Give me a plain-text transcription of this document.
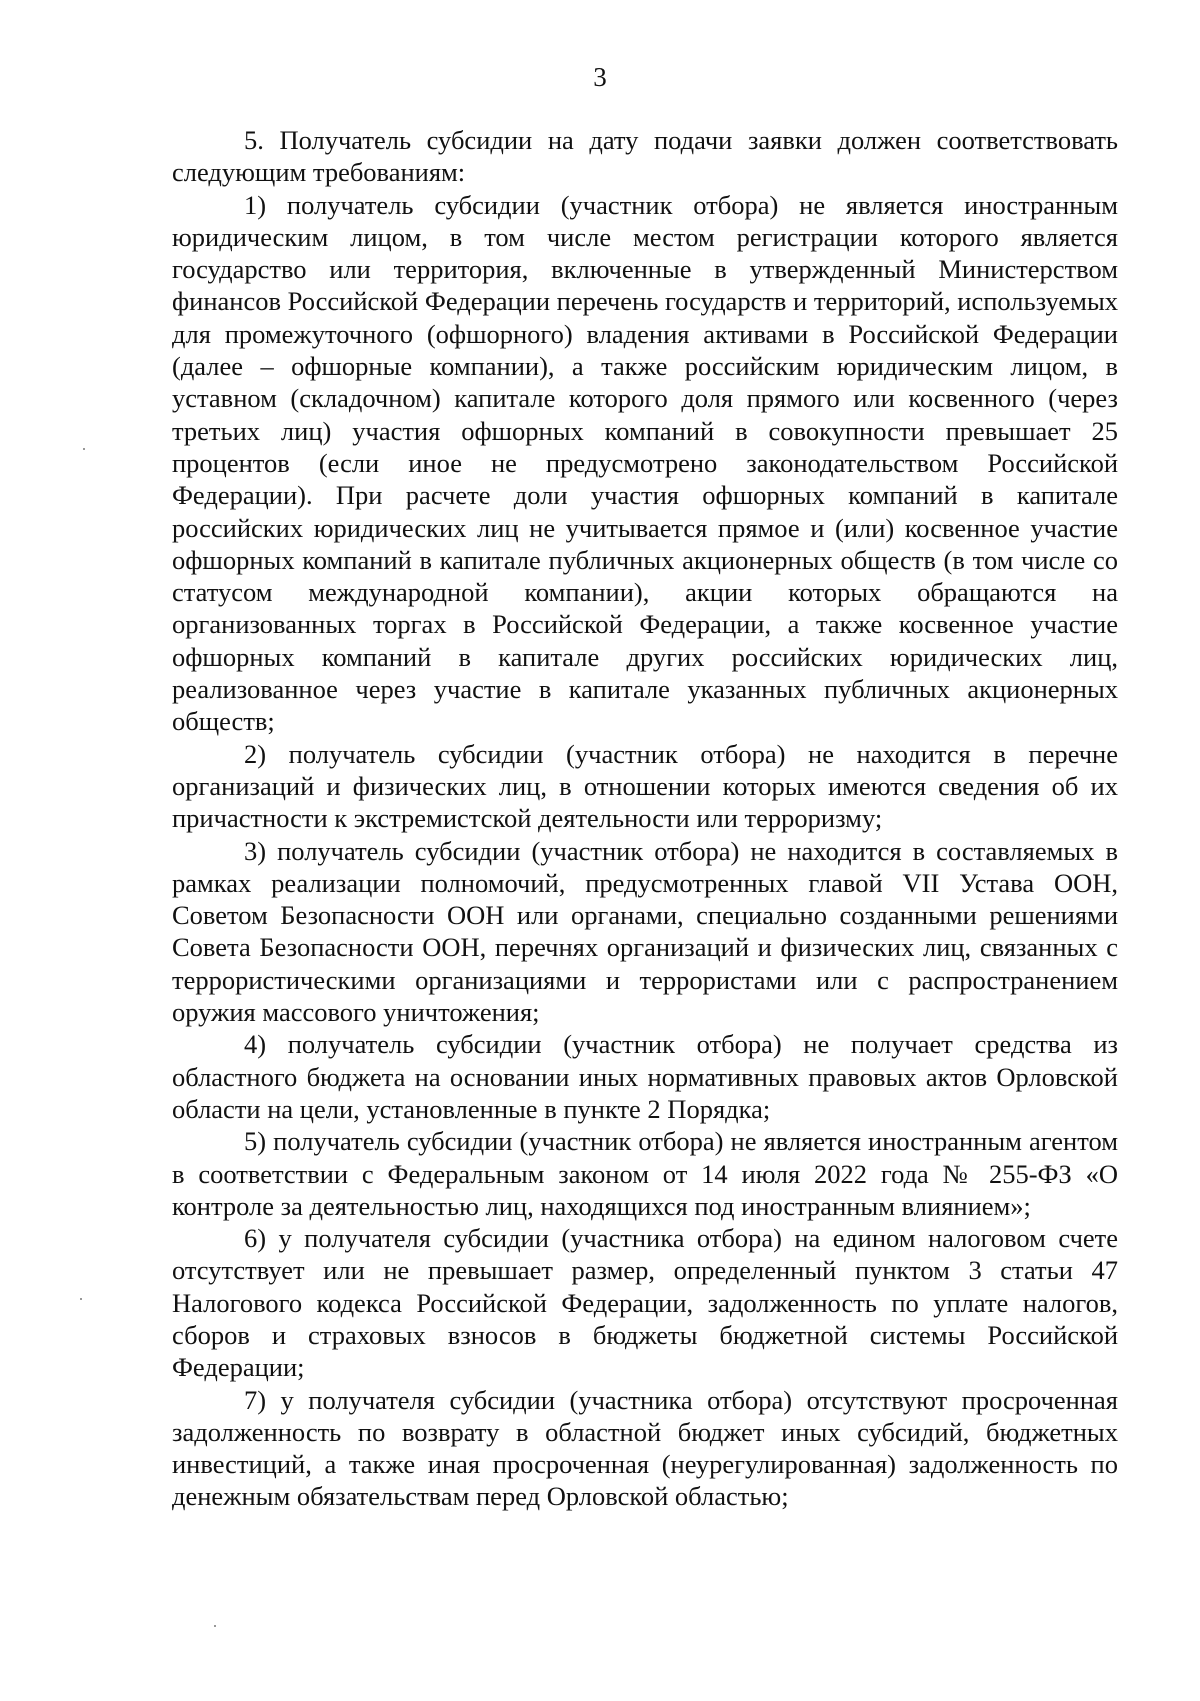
3

5. Получатель субсидии на дату подачи заявки должен соответствовать следующим требованиям:

1) получатель субсидии (участник отбора) не является иностранным юридическим лицом, в том числе местом регистрации которого является государство или территория, включенные в утвержденный Министерством финансов Российской Федерации перечень государств и территорий, используемых для промежуточного (офшорного) владения активами в Российской Федерации (далее – офшорные компании), а также российским юридическим лицом, в уставном (складочном) капитале которого доля прямого или косвенного (через третьих лиц) участия офшорных компаний в совокупности превышает 25 процентов (если иное не предусмотрено законодательством Российской Федерации). При расчете доли участия офшорных компаний в капитале российских юридических лиц не учитывается прямое и (или) косвенное участие офшорных компаний в капитале публичных акционерных обществ (в том числе со статусом международной компании), акции которых обращаются на организованных торгах в Российской Федерации, а также косвенное участие офшорных компаний в капитале других российских юридических лиц, реализованное через участие в капитале указанных публичных акционерных обществ;

2) получатель субсидии (участник отбора) не находится в перечне организаций и физических лиц, в отношении которых имеются сведения об их причастности к экстремистской деятельности или терроризму;

3) получатель субсидии (участник отбора) не находится в составляемых в рамках реализации полномочий, предусмотренных главой VII Устава ООН, Советом Безопасности ООН или органами, специально созданными решениями Совета Безопасности ООН, перечнях организаций и физических лиц, связанных с террористическими организациями и террористами или с распространением оружия массового уничтожения;

4) получатель субсидии (участник отбора) не получает средства из областного бюджета на основании иных нормативных правовых актов Орловской области на цели, установленные в пункте 2 Порядка;

5) получатель субсидии (участник отбора) не является иностранным агентом в соответствии с Федеральным законом от 14 июля 2022 года № 255-ФЗ «О контроле за деятельностью лиц, находящихся под иностранным влиянием»;

6) у получателя субсидии (участника отбора) на едином налоговом счете отсутствует или не превышает размер, определенный пунктом 3 статьи 47 Налогового кодекса Российской Федерации, задолженность по уплате налогов, сборов и страховых взносов в бюджеты бюджетной системы Российской Федерации;

7) у получателя субсидии (участника отбора) отсутствуют просроченная задолженность по возврату в областной бюджет иных субсидий, бюджетных инвестиций, а также иная просроченная (неурегулированная) задолженность по денежным обязательствам перед Орловской областью;
